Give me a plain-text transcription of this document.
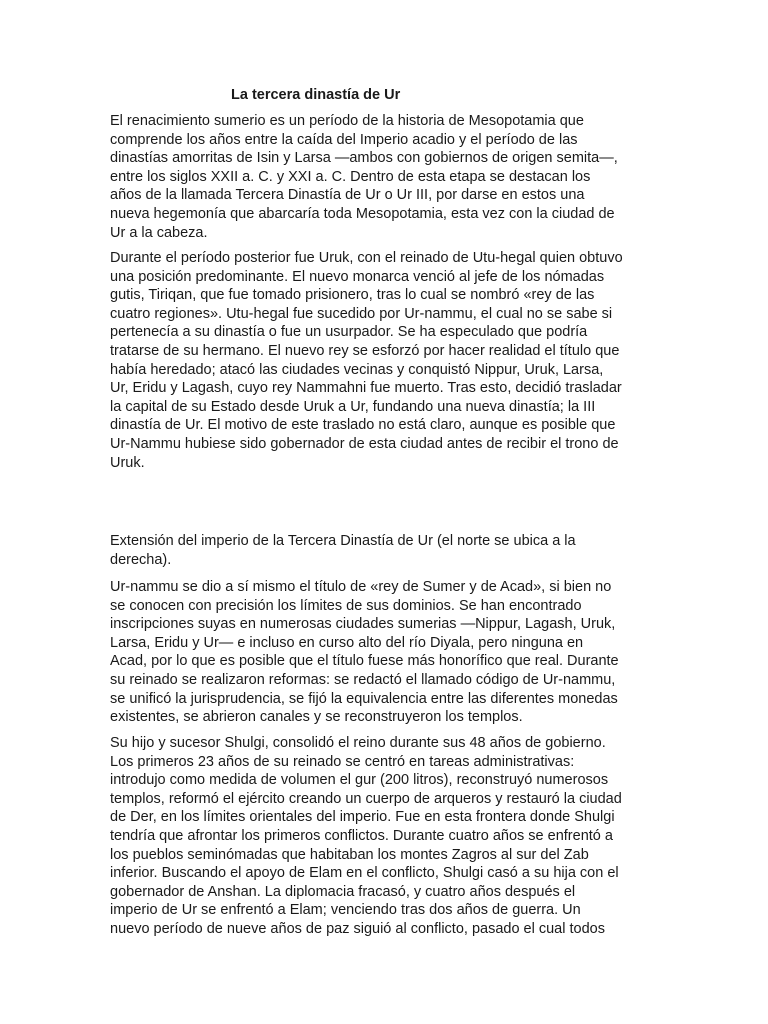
La tercera dinastía de Ur

El renacimiento sumerio es un período de la historia de Mesopotamia que
comprende los años entre la caída del Imperio acadio y el período de las
dinastías amorritas de Isin y Larsa —ambos con gobiernos de origen semita—,
entre los siglos XXII a. C. y XXI a. C. Dentro de esta etapa se destacan los
años de la llamada Tercera Dinastía de Ur o Ur III, por darse en estos una
nueva hegemonía que abarcaría toda Mesopotamia, esta vez con la ciudad de
Ur a la cabeza.

Durante el período posterior fue Uruk, con el reinado de Utu-hegal quien obtuvo
una posición predominante. El nuevo monarca venció al jefe de los nómadas
gutis, Tiriqan, que fue tomado prisionero, tras lo cual se nombró «rey de las
cuatro regiones». Utu-hegal fue sucedido por Ur-nammu, el cual no se sabe si
pertenecía a su dinastía o fue un usurpador. Se ha especulado que podría
tratarse de su hermano. El nuevo rey se esforzó por hacer realidad el título que
había heredado; atacó las ciudades vecinas y conquistó Nippur, Uruk, Larsa,
Ur, Eridu y Lagash, cuyo rey Nammahni fue muerto. Tras esto, decidió trasladar
la capital de su Estado desde Uruk a Ur, fundando una nueva dinastía; la III
dinastía de Ur. El motivo de este traslado no está claro, aunque es posible que
Ur-Nammu hubiese sido gobernador de esta ciudad antes de recibir el trono de
Uruk.

Extensión del imperio de la Tercera Dinastía de Ur (el norte se ubica a la
derecha).

Ur-nammu se dio a sí mismo el título de «rey de Sumer y de Acad», si bien no
se conocen con precisión los límites de sus dominios. Se han encontrado
inscripciones suyas en numerosas ciudades sumerias —Nippur, Lagash, Uruk,
Larsa, Eridu y Ur— e incluso en curso alto del río Diyala, pero ninguna en
Acad, por lo que es posible que el título fuese más honorífico que real. Durante
su reinado se realizaron reformas: se redactó el llamado código de Ur-nammu,
se unificó la jurisprudencia, se fijó la equivalencia entre las diferentes monedas
existentes, se abrieron canales y se reconstruyeron los templos.

Su hijo y sucesor Shulgi, consolidó el reino durante sus 48 años de gobierno.
Los primeros 23 años de su reinado se centró en tareas administrativas:
introdujo como medida de volumen el gur (200 litros), reconstruyó numerosos
templos, reformó el ejército creando un cuerpo de arqueros y restauró la ciudad
de Der, en los límites orientales del imperio. Fue en esta frontera donde Shulgi
tendría que afrontar los primeros conflictos. Durante cuatro años se enfrentó a
los pueblos seminómadas que habitaban los montes Zagros al sur del Zab
inferior. Buscando el apoyo de Elam en el conflicto, Shulgi casó a su hija con el
gobernador de Anshan. La diplomacia fracasó, y cuatro años después el
imperio de Ur se enfrentó a Elam; venciendo tras dos años de guerra. Un
nuevo período de nueve años de paz siguió al conflicto, pasado el cual todos
